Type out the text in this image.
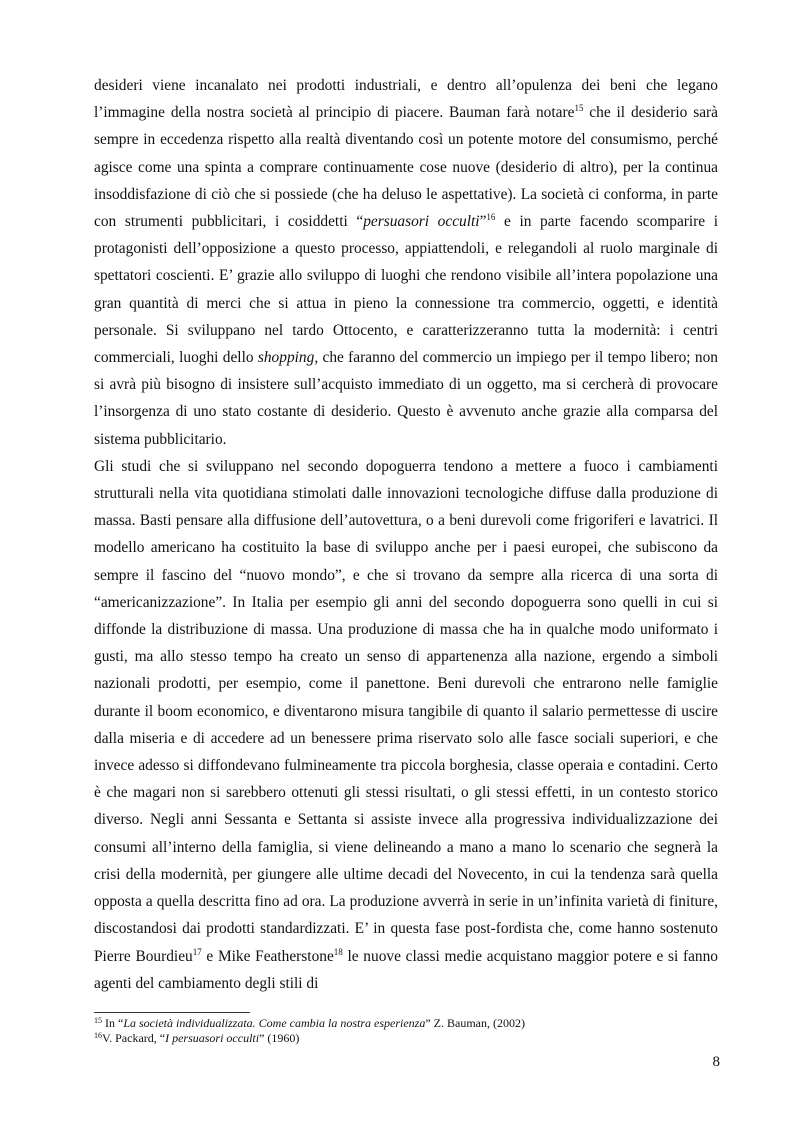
desideri viene incanalato nei prodotti industriali, e dentro all’opulenza dei beni che legano l’immagine della nostra società al principio di piacere. Bauman farà notare$^{15}$ che il desiderio sarà sempre in eccedenza rispetto alla realtà diventando così un potente motore del consumismo, perché agisce come una spinta a comprare continuamente cose nuove (desiderio di altro), per la continua insoddisfazione di ciò che si possiede (che ha deluso le aspettative). La società ci conforma, in parte con strumenti pubblicitari, i cosiddetti “persuasori occulti”$^{16}$ e in parte facendo scomparire i protagonisti dell’opposizione a questo processo, appiattendoli, e relegandoli al ruolo marginale di spettatori coscienti. E’ grazie allo sviluppo di luoghi che rendono visibile all’intera popolazione una gran quantità di merci che si attua in pieno la connessione tra commercio, oggetti, e identità personale. Si sviluppano nel tardo Ottocento, e caratterizzeranno tutta la modernità: i centri commerciali, luoghi dello shopping, che faranno del commercio un impiego per il tempo libero; non si avrà più bisogno di insistere sull’acquisto immediato di un oggetto, ma si cercherà di provocare l’insorgenza di uno stato costante di desiderio. Questo è avvenuto anche grazie alla comparsa del sistema pubblicitario.

Gli studi che si sviluppano nel secondo dopoguerra tendono a mettere a fuoco i cambiamenti strutturali nella vita quotidiana stimolati dalle innovazioni tecnologiche diffuse dalla produzione di massa. Basti pensare alla diffusione dell’autovettura, o a beni durevoli come frigoriferi e lavatrici. Il modello americano ha costituito la base di sviluppo anche per i paesi europei, che subiscono da sempre il fascino del “nuovo mondo”, e che si trovano da sempre alla ricerca di una sorta di “americanizzazione”. In Italia per esempio gli anni del secondo dopoguerra sono quelli in cui si diffonde la distribuzione di massa. Una produzione di massa che ha in qualche modo uniformato i gusti, ma allo stesso tempo ha creato un senso di appartenenza alla nazione, ergendo a simboli nazionali prodotti, per esempio, come il panettone. Beni durevoli che entrarono nelle famiglie durante il boom economico, e diventarono misura tangibile di quanto il salario permettesse di uscire dalla miseria e di accedere ad un benessere prima riservato solo alle fasce sociali superiori, e che invece adesso si diffondevano fulmineamente tra piccola borghesia, classe operaia e contadini. Certo è che magari non si sarebbero ottenuti gli stessi risultati, o gli stessi effetti, in un contesto storico diverso. Negli anni Sessanta e Settanta si assiste invece alla progressiva individualizzazione dei consumi all’interno della famiglia, si viene delineando a mano a mano lo scenario che segnerà la crisi della modernità, per giungere alle ultime decadi del Novecento, in cui la tendenza sarà quella opposta a quella descritta fino ad ora. La produzione avverrà in serie in un’infinita varietà di finiture, discostandosi dai prodotti standardizzati. E’ in questa fase post-fordista che, come hanno sostenuto Pierre Bourdieu$^{17}$ e Mike Featherstone$^{18}$ le nuove classi medie acquistano maggior potere e si fanno agenti del cambiamento degli stili di

$^{15}$ In “La società individualizzata. Come cambia la nostra esperienza” Z. Bauman, (2002)
$^{16}$V. Packard, “I persuasori occulti” (1960)
8
